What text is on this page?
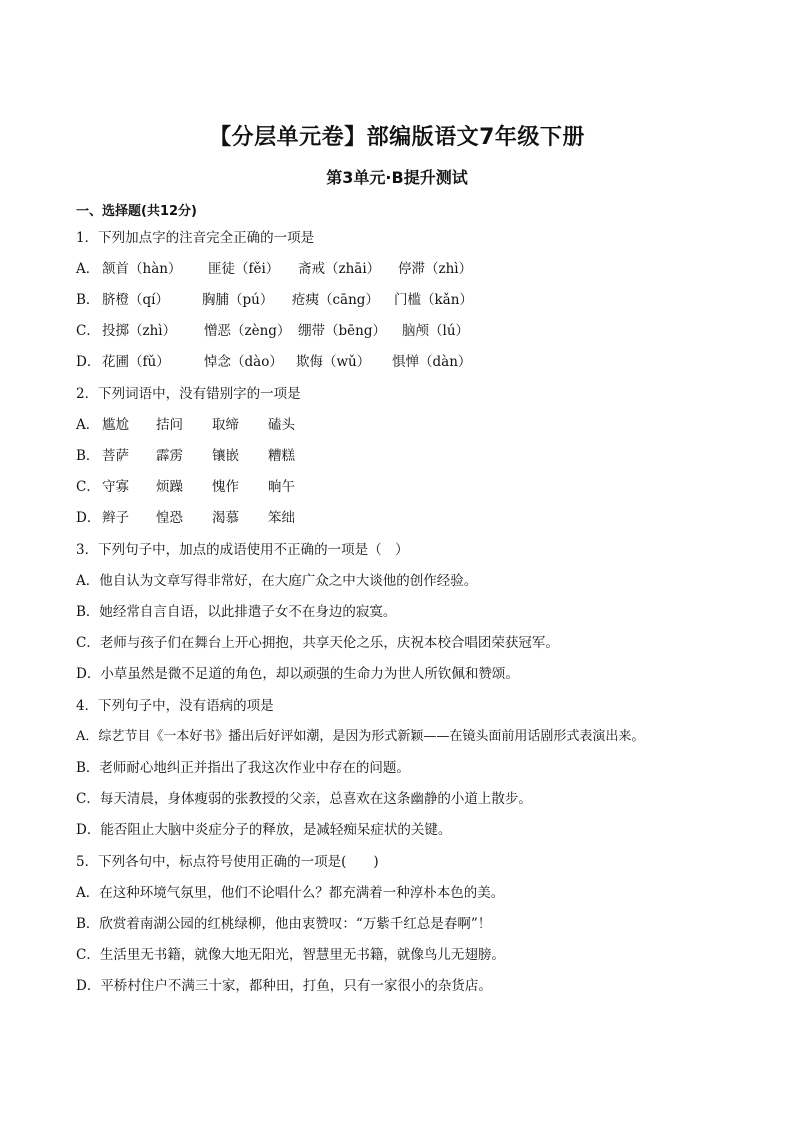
【分层单元卷】部编版语文7年级下册
第3单元·B提升测试
一、选择题(共12分)
1．下列加点字的注音完全正确的一项是
A． 颔首（hàn） 匪徒（fěi） 斋戒（zhāi） 停滞（zhì）
B． 脐橙（qí） 胸脯（pú） 疮痍（cāng） 门槛（kǎn）
C． 投掷（zhì） 憎恶（zèng） 绷带（bēng） 脑颅（lú）
D． 花圃（fǔ）	悼念（dào） 欺侮（wǔ） 惧惮（dàn）
2．下列词语中，没有错别字的一项是
A． 尴尬 拮问 取缔 磕头
B． 菩萨 霹雳 镶嵌 糟糕
C． 守寡 烦躁 愧作 晌午
D． 辫子 惶恐 渴慕 笨绌
3．下列句子中，加点的成语使用不正确的一项是（　）
A．他自认为文章写得非常好，在大庭广众之中大谈他的创作经验。
B．她经常自言自语，以此排遣子女不在身边的寂寞。
C．老师与孩子们在舞台上开心拥抱，共享天伦之乐，庆祝本校合唱团荣获冠军。
D．小草虽然是微不足道的角色，却以顽强的生命力为世人所钦佩和赞颂。
4．下列句子中，没有语病的项是
A．综艺节目《一本好书》播出后好评如潮，是因为形式新颖——在镜头面前用话剧形式表演出来。
B．老师耐心地纠正并指出了我这次作业中存在的问题。
C．每天清晨，身体瘦弱的张教授的父亲，总喜欢在这条幽静的小道上散步。
D．能否阻止大脑中炎症分子的释放，是减轻痴呆症状的关键。
5．下列各句中，标点符号使用正确的一项是(　　)
A．在这种环境气氛里，他们不论唱什么？都充满着一种淳朴本色的美。
B．欣赏着南湖公园的红桃绿柳，他由衷赞叹：“万紫千红总是春啊”！
C．生活里无书籍，就像大地无阳光，智慧里无书籍，就像鸟儿无翅膀。
D．平桥村住户不满三十家，都种田，打鱼，只有一家很小的杂货店。
